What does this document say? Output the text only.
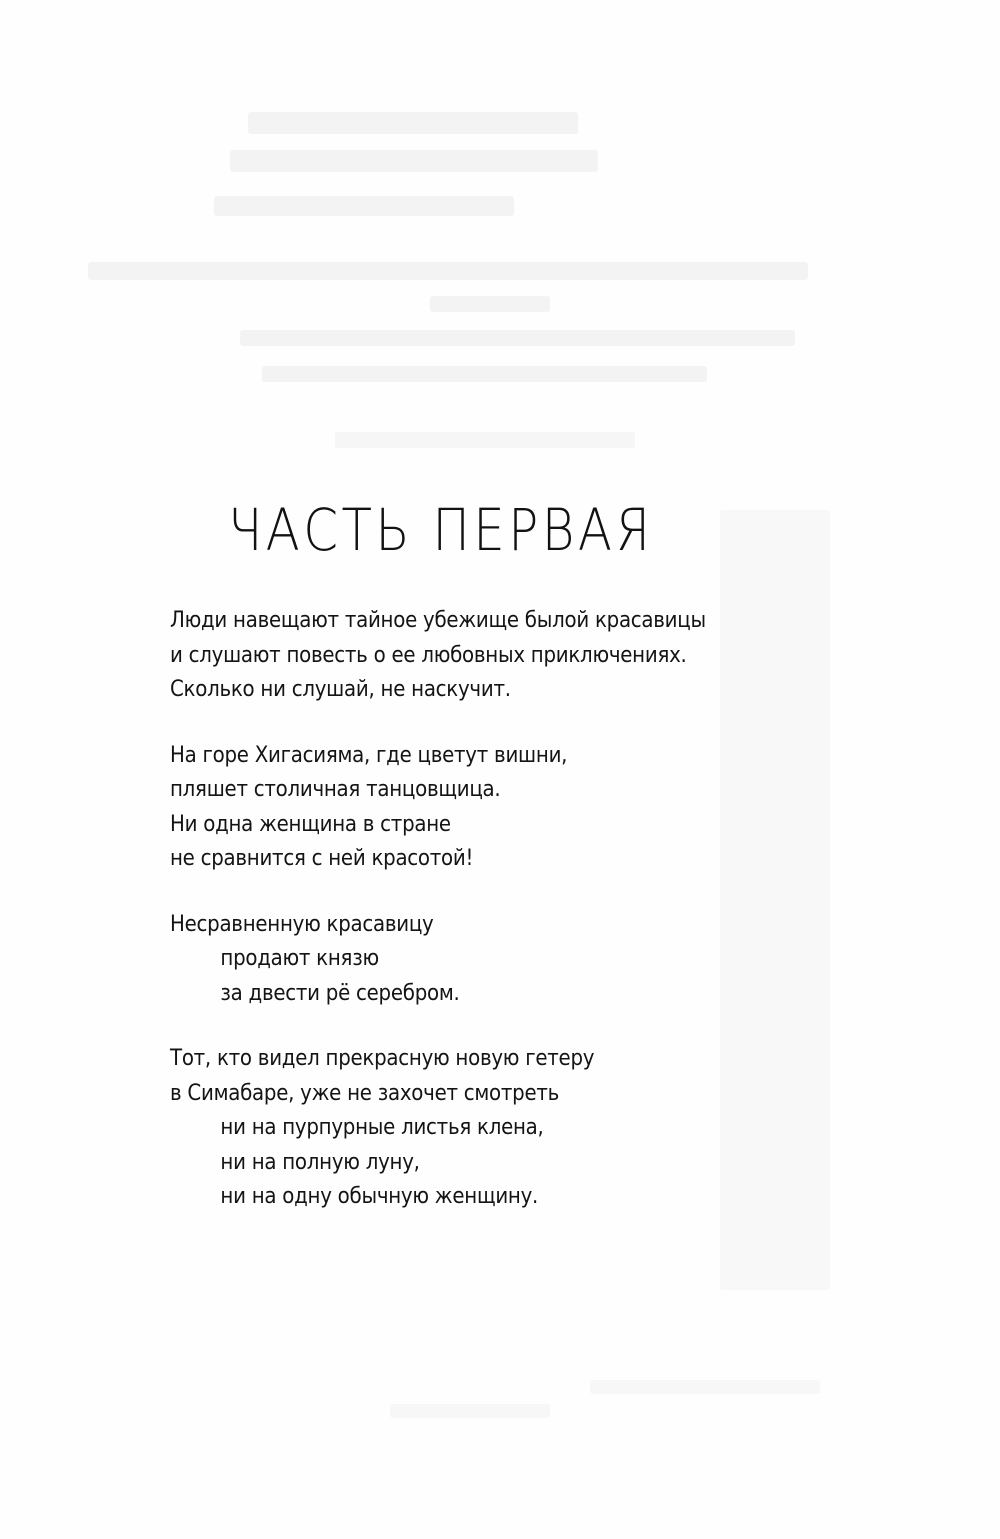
ЧАСТЬ ПЕРВАЯ
Люди навещают тайное убежище былой красавицы
и слушают повесть о ее любовных приключениях.
Сколько ни слушай, не наскучит.
На горе Хигасияма, где цветут вишни,
пляшет столичная танцовщица.
Ни одна женщина в стране
не сравнится с ней красотой!
Несравненную красавицу
продают князю
за двести рё серебром.
Тот, кто видел прекрасную новую гетеру
в Симабаре, уже не захочет смотреть
ни на пурпурные листья клена,
ни на полную луну,
ни на одну обычную женщину.
